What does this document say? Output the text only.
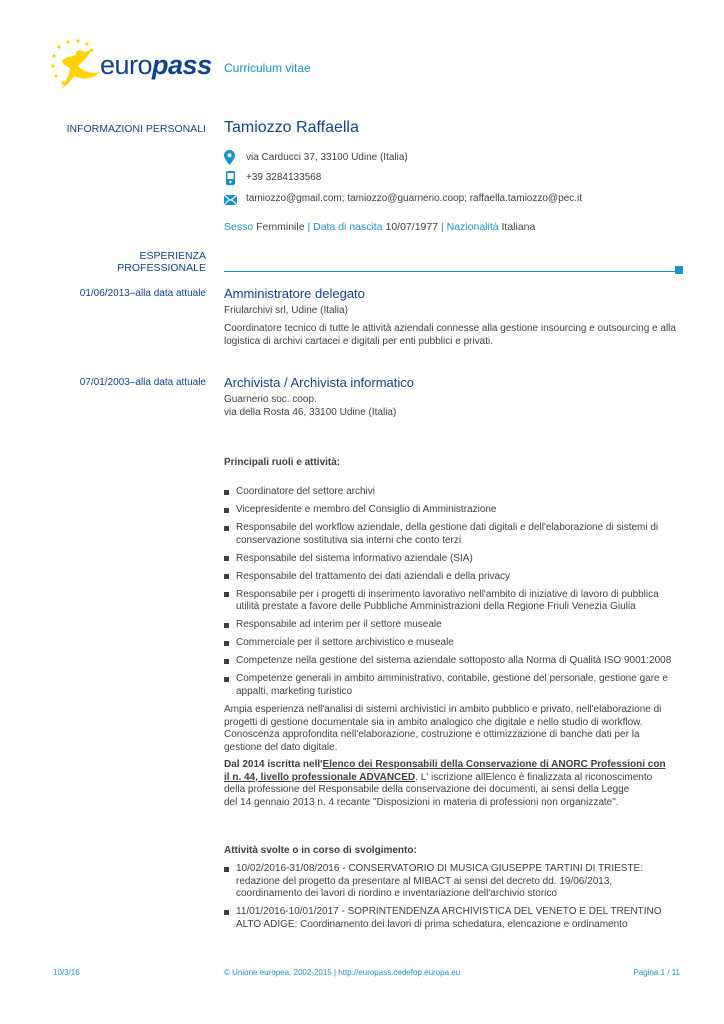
europass Curriculum vitae
INFORMAZIONI PERSONALI Tamiozzo Raffaella
via Carducci 37, 33100 Udine (Italia)
+39 3284133568
tamiozzo@gmail.com; tamiozzo@guarnerio.coop; raffaella.tamiozzo@pec.it
Sesso Femminile | Data di nascita 10/07/1977 | Nazionalità Italiana
ESPERIENZA
PROFESSIONALE
01/06/2013–alla data attuale Amministratore delegato
Friularchivi srl, Udine (Italia)
Coordinatore tecnico di tutte le attività aziendali connesse alla gestione insourcing e outsourcing e alla
logistica di archivi cartacei e digitali per enti pubblici e privati.
07/01/2003–alla data attuale Archivista / Archivista informatico
Guarnerio soc. coop.
via della Rosta 46, 33100 Udine (Italia)
Principali ruoli e attività:
Coordinatore del settore archivi
Vicepresidente e membro del Consiglio di Amministrazione
Responsabile del workflow aziendale, della gestione dati digitali e dell'elaborazione di sistemi di
conservazione sostitutiva sia interni che conto terzi
Responsabile del sistema informativo aziendale (SIA)
Responsabile del trattamento dei dati aziendali e della privacy
Responsabile per i progetti di inserimento lavorativo nell'ambito di iniziative di lavoro di pubblica
utilità prestate a favore delle Pubbliche Amministrazioni della Regione Friuli Venezia Giulia
Responsabile ad interim per il settore museale
Commerciale per il settore archivistico e museale
Competenze nella gestione del sistema aziendale sottoposto alla Norma di Qualità ISO 9001:2008
Competenze generali in ambito amministrativo, contabile, gestione del personale, gestione gare e
appalti, marketing turistico
Ampia esperienza nell'analisi di sistemi archivistici in ambito pubblico e privato, nell'elaborazione di
progetti di gestione documentale sia in ambito analogico che digitale e nello studio di workflow.
Conoscenza approfondita nell'elaborazione, costruzione e ottimizzazione di banche dati per la
gestione del dato digitale.
Dal 2014 iscritta nell'Elenco dei Responsabili della Conservazione di ANORC Professioni con
il n. 44, livello professionale ADVANCED. L' iscrizione allElenco è finalizzata al riconoscimento
della professione del Responsabile della conservazione dei documenti, ai sensi della Legge
del 14 gennaio 2013 n. 4 recante "Disposizioni in materia di professioni non organizzate".
Attività svolte o in corso di svolgimento:
10/02/2016-31/08/2016 - CONSERVATORIO DI MUSICA GIUSEPPE TARTINI DI TRIESTE:
redazione del progetto da presentare al MIBACT ai sensi del decreto dd. 19/06/2013,
coordinamento dei lavori di riordino e inventariazione dell'archivio storico
11/01/2016-10/01/2017 - SOPRINTENDENZA ARCHIVISTICA DEL VENETO E DEL TRENTINO
ALTO ADIGE: Coordinamento dei lavori di prima schedatura, elencazione e ordinamento
10/3/16	© Unione europea, 2002-2015 | http://europass.cedefop.europa.eu	Pagina 1 / 11
